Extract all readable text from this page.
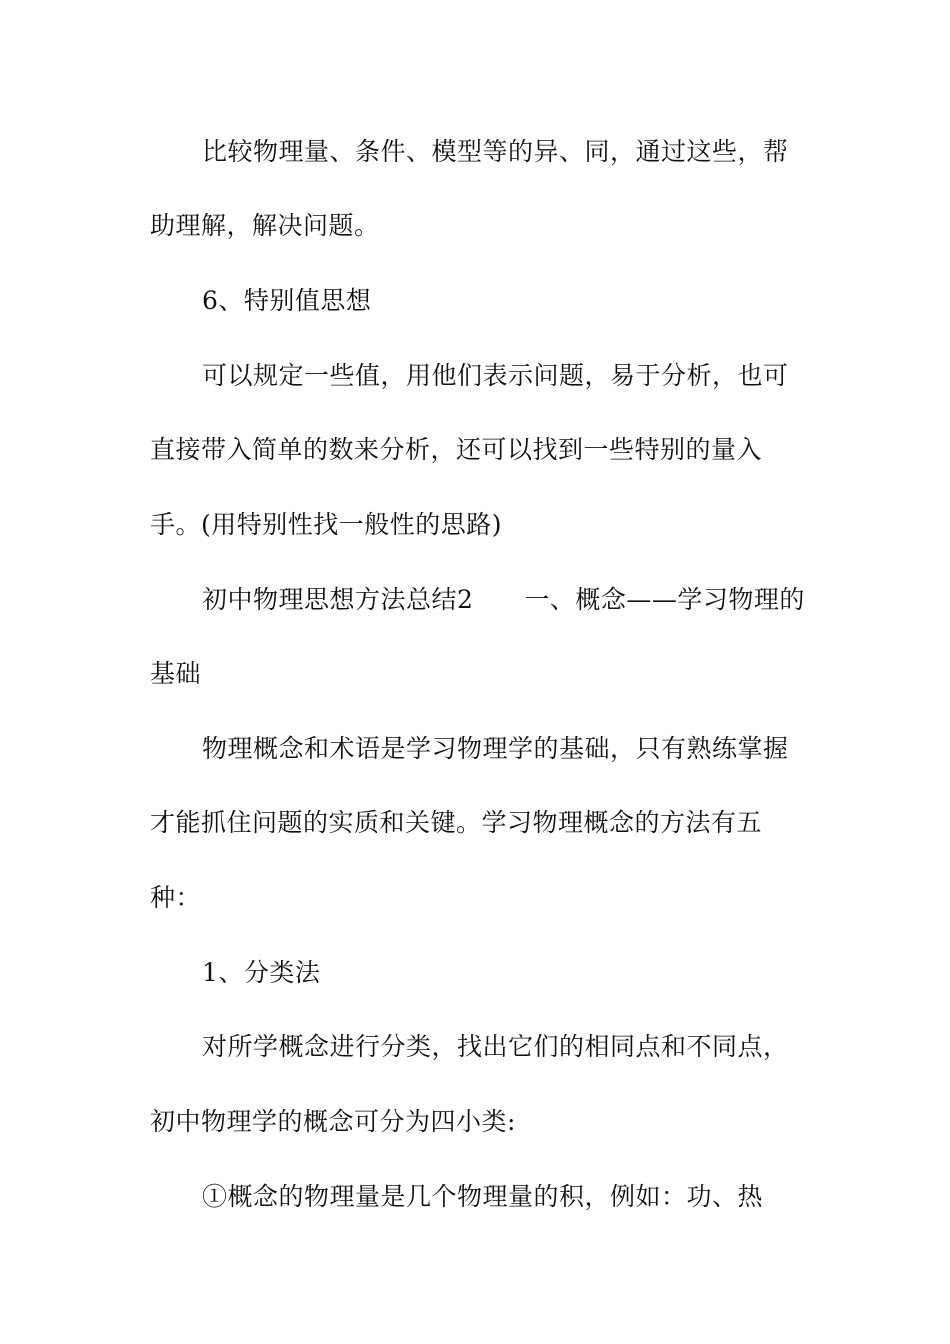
比较物理量、条件、模型等的异、同，通过这些，帮
助理解，解决问题。
6、特别值思想
可以规定一些值，用他们表示问题，易于分析，也可
直接带入简单的数来分析，还可以找到一些特别的量入
手。(用特别性找一般性的思路)
初中物理思想方法总结2　　一、概念——学习物理的
基础
物理概念和术语是学习物理学的基础，只有熟练掌握
才能抓住问题的实质和关键。学习物理概念的方法有五
种：
1、分类法
对所学概念进行分类，找出它们的相同点和不同点，
初中物理学的概念可分为四小类:
①概念的物理量是几个物理量的积，例如：功、热
